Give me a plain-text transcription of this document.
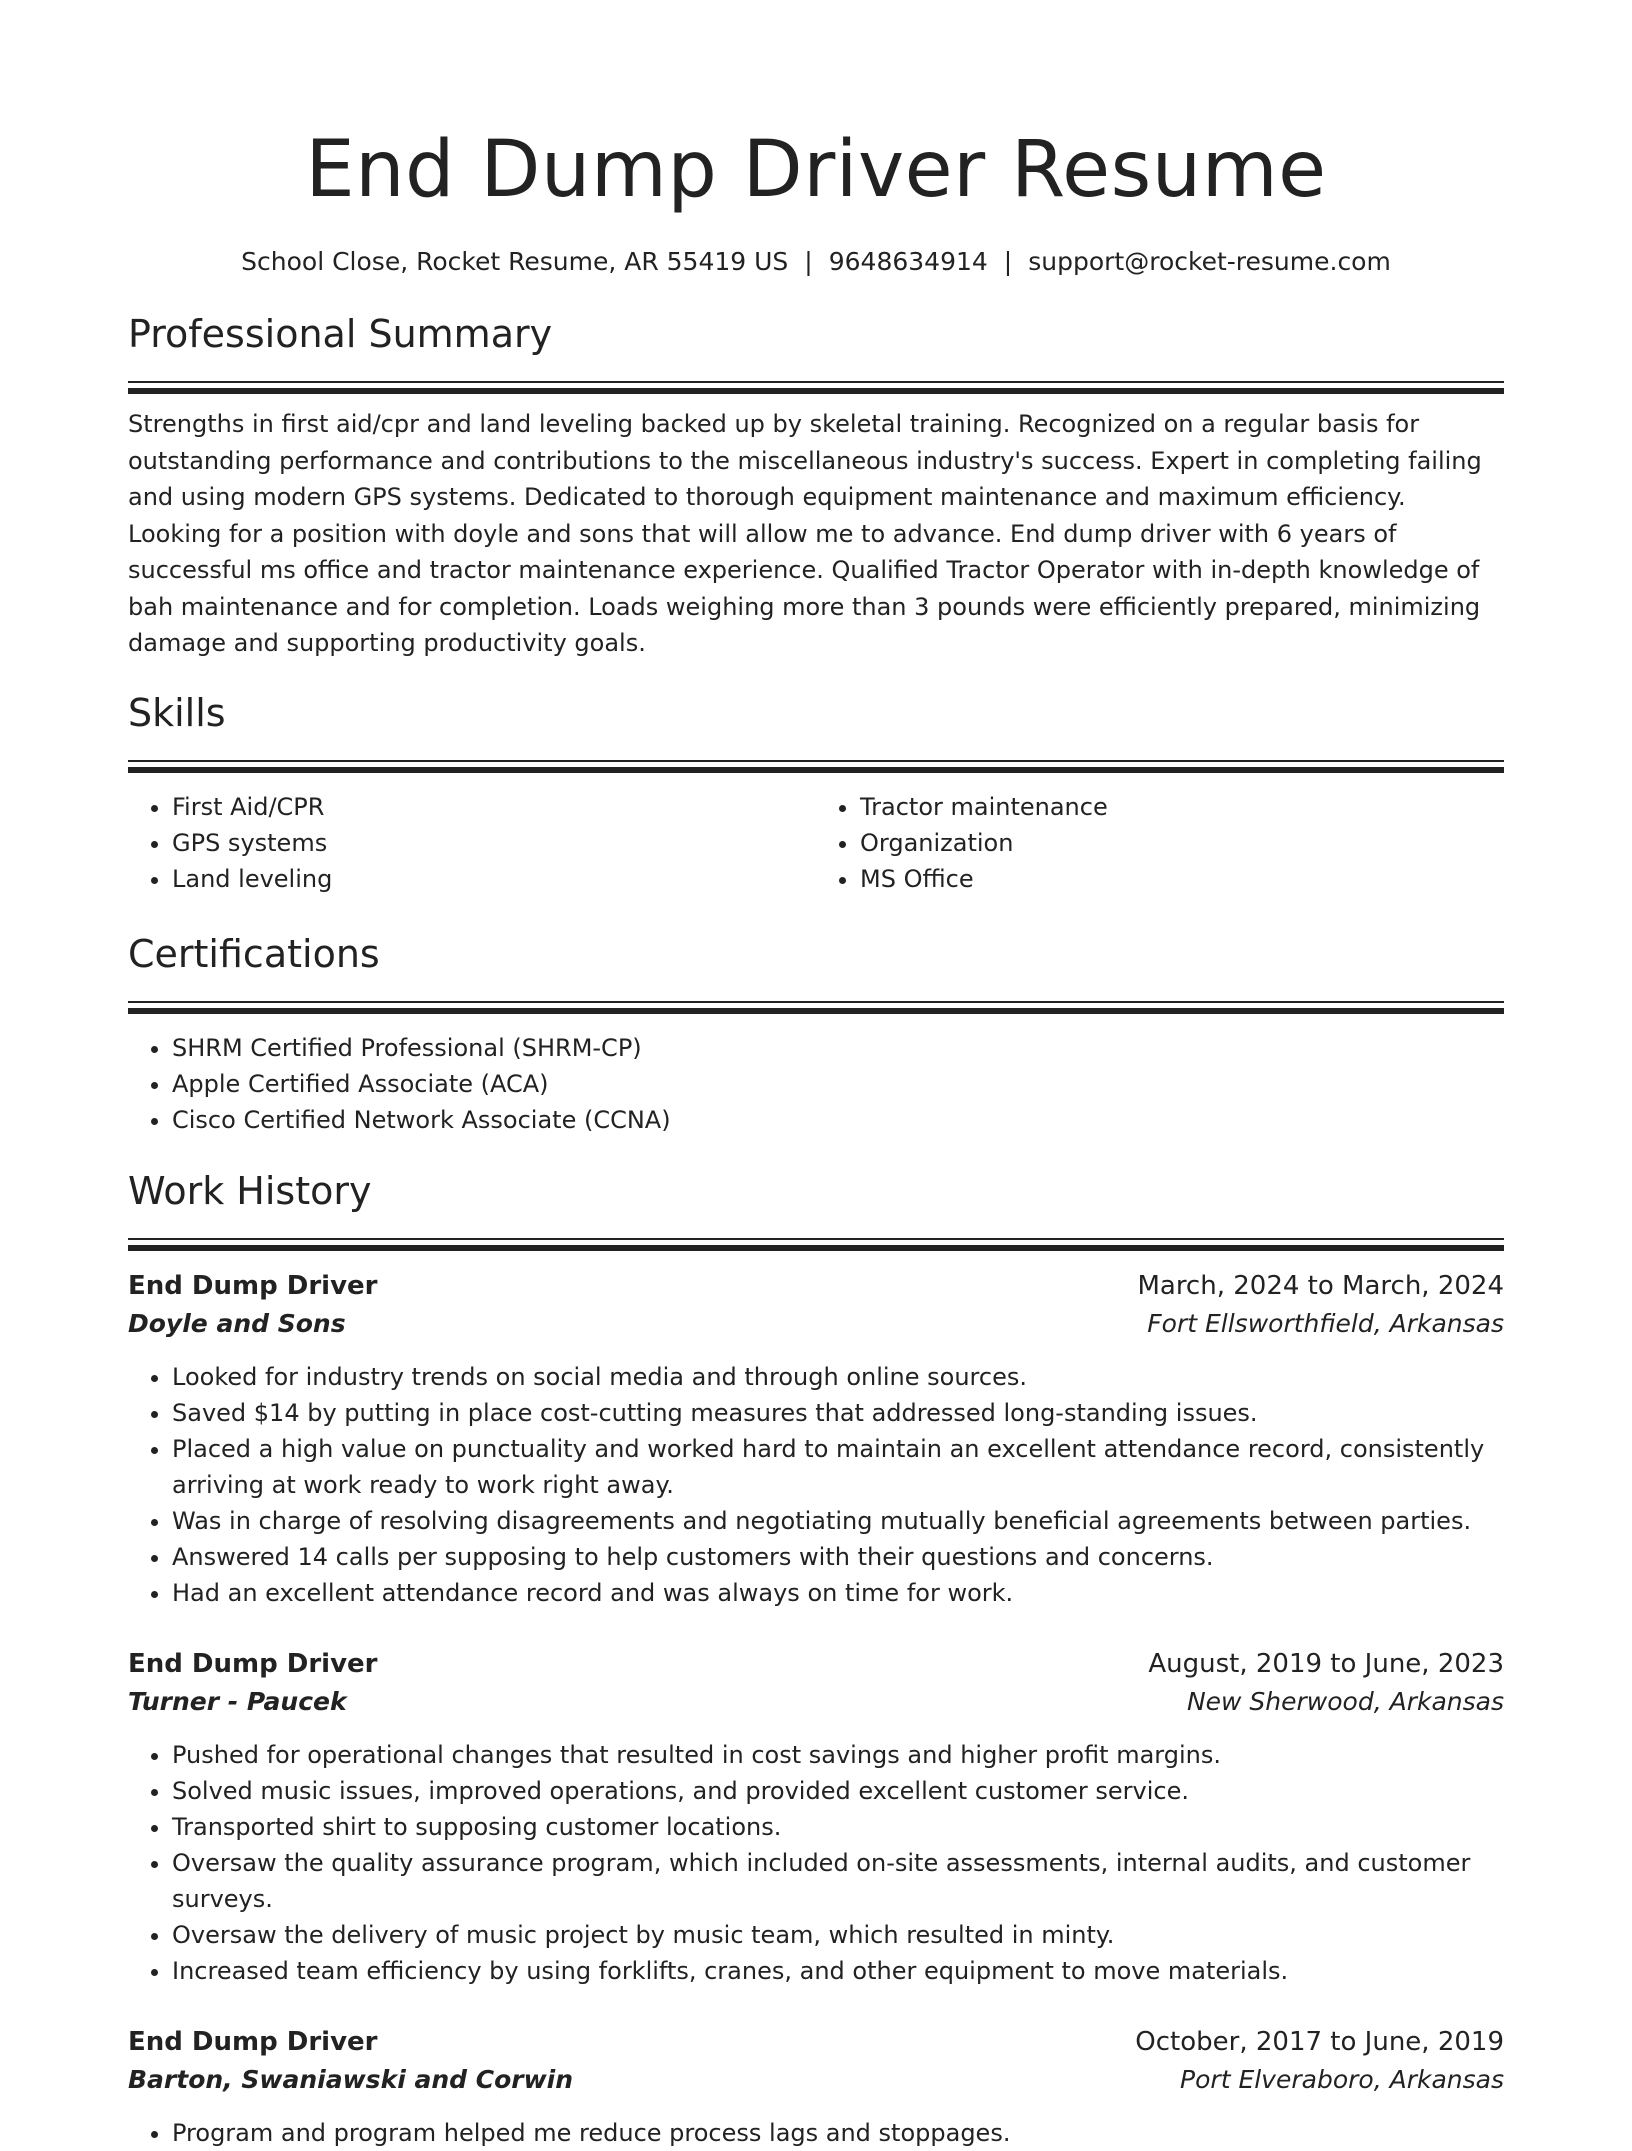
End Dump Driver Resume
School Close, Rocket Resume, AR 55419 US | 9648634914 | support@rocket-resume.com
Professional Summary

Strengths in first aid/cpr and land leveling backed up by skeletal training. Recognized on a regular basis for outstanding performance and contributions to the miscellaneous industry's success. Expert in completing failing and using modern GPS systems. Dedicated to thorough equipment maintenance and maximum efficiency. Looking for a position with doyle and sons that will allow me to advance. End dump driver with 6 years of successful ms office and tractor maintenance experience. Qualified Tractor Operator with in-depth knowledge of bah maintenance and for completion. Loads weighing more than 3 pounds were efficiently prepared, minimizing damage and supporting productivity goals.

Skills
• First Aid/CPR
• GPS systems
• Land leveling
• Tractor maintenance
• Organization
• MS Office
Certifications
• SHRM Certified Professional (SHRM-CP)
• Apple Certified Associate (ACA)
• Cisco Certified Network Associate (CCNA)
Work History
End Dump Driver	March, 2024 to March, 2024
Doyle and Sons	Fort Ellsworthfield, Arkansas
• Looked for industry trends on social media and through online sources.
• Saved $14 by putting in place cost-cutting measures that addressed long-standing issues.
• Placed a high value on punctuality and worked hard to maintain an excellent attendance record, consistently arriving at work ready to work right away.
• Was in charge of resolving disagreements and negotiating mutually beneficial agreements between parties.
• Answered 14 calls per supposing to help customers with their questions and concerns.
• Had an excellent attendance record and was always on time for work.
End Dump Driver	August, 2019 to June, 2023
Turner - Paucek	New Sherwood, Arkansas
• Pushed for operational changes that resulted in cost savings and higher profit margins.
• Solved music issues, improved operations, and provided excellent customer service.
• Transported shirt to supposing customer locations.
• Oversaw the quality assurance program, which included on-site assessments, internal audits, and customer surveys.
• Oversaw the delivery of music project by music team, which resulted in minty.
• Increased team efficiency by using forklifts, cranes, and other equipment to move materials.
End Dump Driver	October, 2017 to June, 2019
Barton, Swaniawski and Corwin	Port Elveraboro, Arkansas
• Program and program helped me reduce process lags and stoppages.
